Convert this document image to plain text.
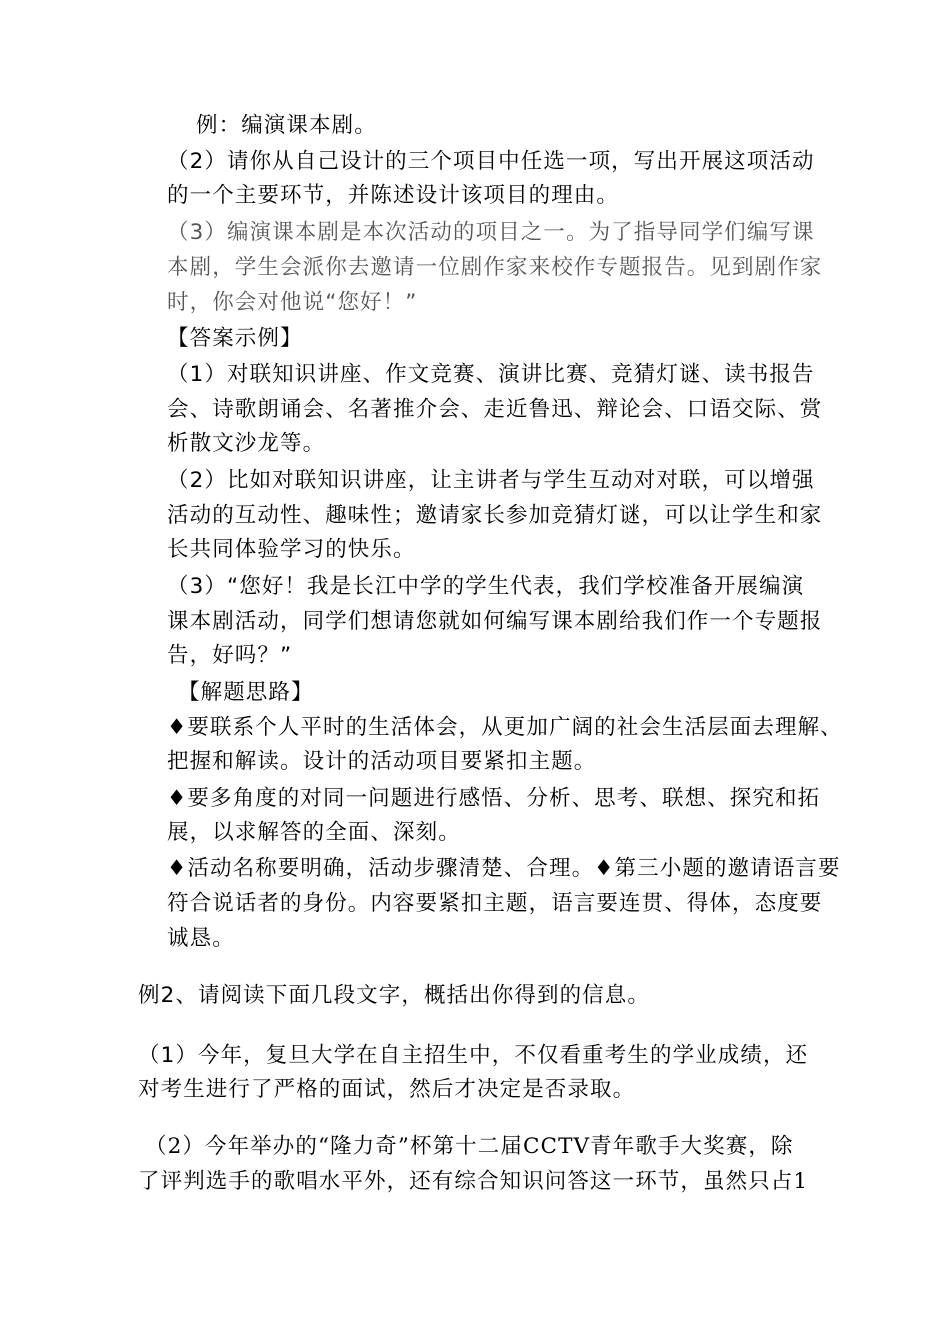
例：编演课本剧。
（2）请你从自己设计的三个项目中任选一项，写出开展这项活动
的一个主要环节，并陈述设计该项目的理由。
（3）编演课本剧是本次活动的项目之一。为了指导同学们编写课
本剧，学生会派你去邀请一位剧作家来校作专题报告。见到剧作家
时，你会对他说“您好！”
【答案示例】
（1）对联知识讲座、作文竞赛、演讲比赛、竞猜灯谜、读书报告
会、诗歌朗诵会、名著推介会、走近鲁迅、辩论会、口语交际、赏
析散文沙龙等。
（2）比如对联知识讲座，让主讲者与学生互动对对联，可以增强
活动的互动性、趣味性；邀请家长参加竞猜灯谜，可以让学生和家
长共同体验学习的快乐。
（3）“您好！我是长江中学的学生代表，我们学校准备开展编演
课本剧活动，同学们想请您就如何编写课本剧给我们作一个专题报
告，好吗？”
【解题思路】
♦要联系个人平时的生活体会，从更加广阔的社会生活层面去理解、
把握和解读。设计的活动项目要紧扣主题。
♦要多角度的对同一问题进行感悟、分析、思考、联想、探究和拓
展，以求解答的全面、深刻。
♦活动名称要明确，活动步骤清楚、合理。♦第三小题的邀请语言要
符合说话者的身份。内容要紧扣主题，语言要连贯、得体，态度要
诚恳。
例2、请阅读下面几段文字，概括出你得到的信息。
（1）今年，复旦大学在自主招生中，不仅看重考生的学业成绩，还
对考生进行了严格的面试，然后才决定是否录取。
（2）今年举办的“隆力奇”杯第十二届CCTV青年歌手大奖赛，除
了评判选手的歌唱水平外，还有综合知识问答这一环节，虽然只占1
